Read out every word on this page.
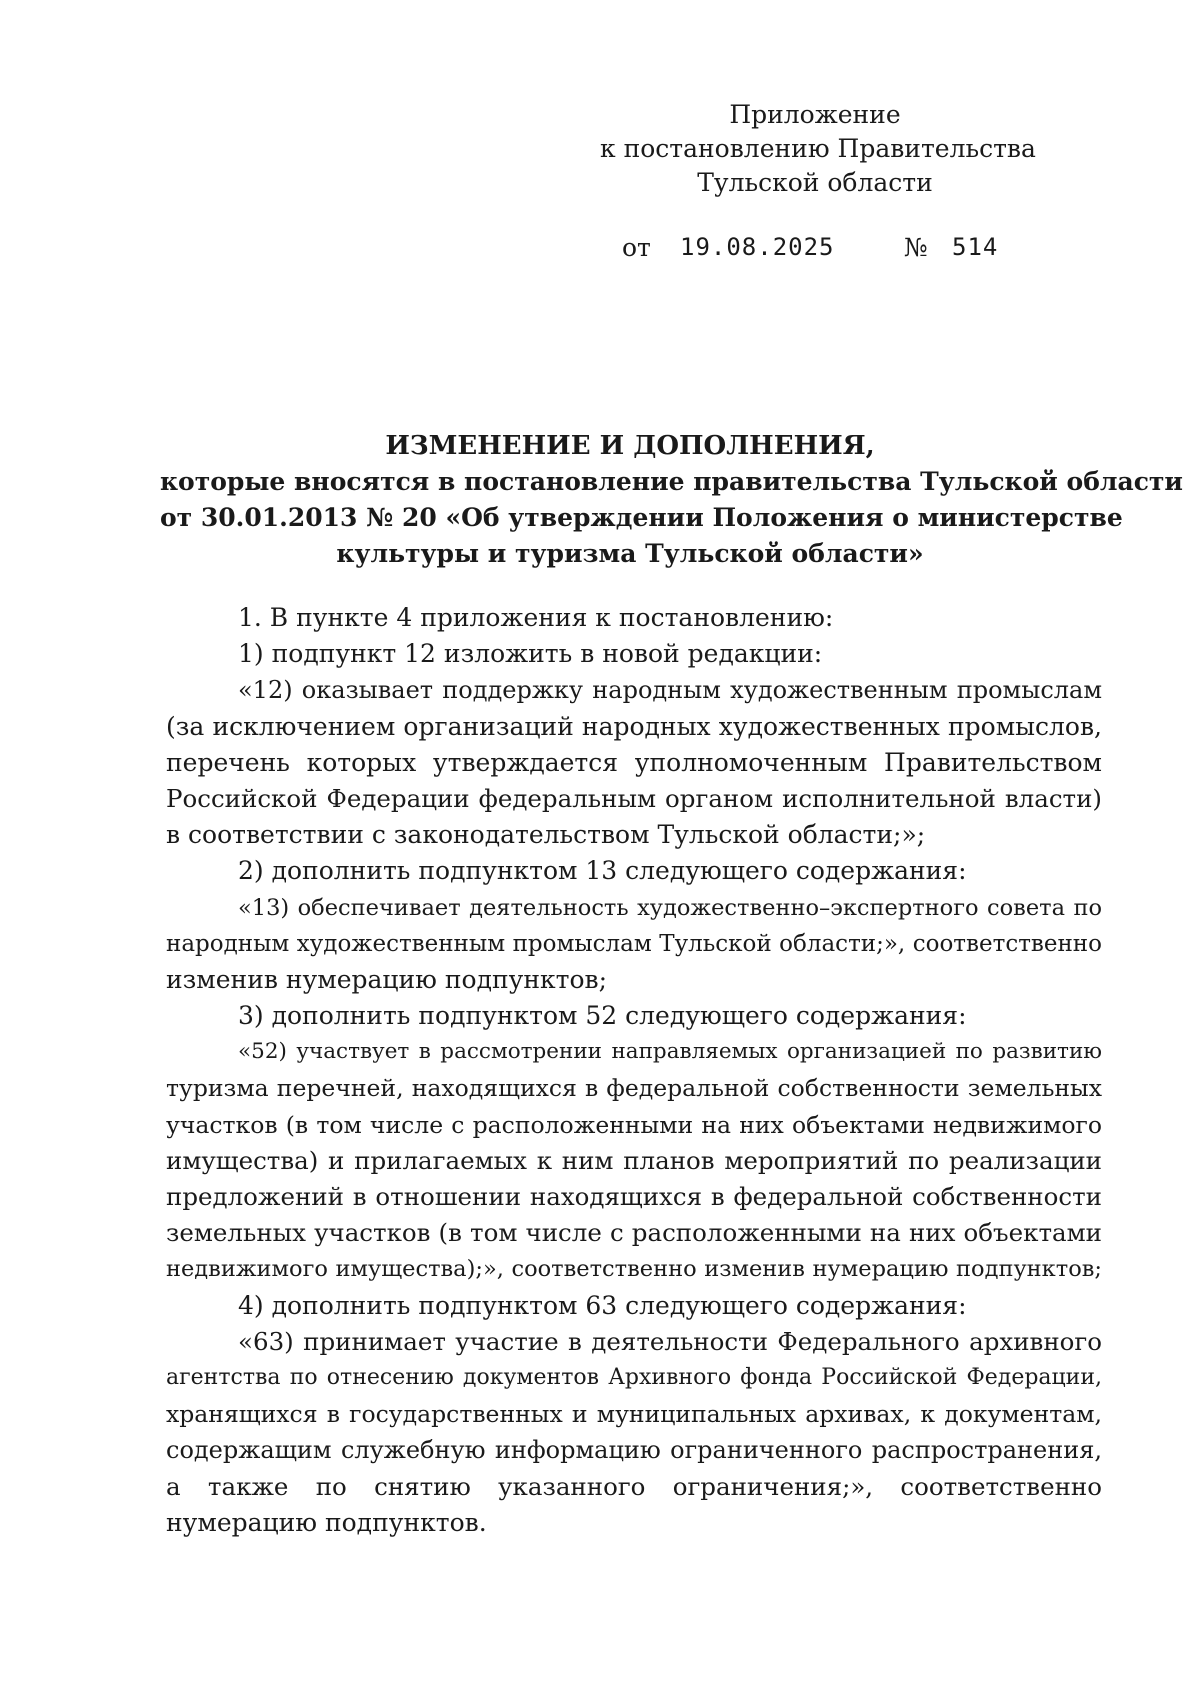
Приложение
к постановлению Правительства
Тульской области
от 19.08.2025	№ 514
ИЗМЕНЕНИЕ И ДОПОЛНЕНИЯ,
которые вносятся в постановление правительства Тульской области
от 30.01.2013 № 20 «Об утверждении Положения о министерстве
культуры и туризма Тульской области»
1. В пункте 4 приложения к постановлению:
1) подпункт 12 изложить в новой редакции:
«12) оказывает поддержку народным художественным промыслам
(за исключением организаций народных художественных промыслов,
перечень которых утверждается уполномоченным Правительством
Российской Федерации федеральным органом исполнительной власти)
в соответствии с законодательством Тульской области;»;
2) дополнить подпунктом 13 следующего содержания:
«13) обеспечивает деятельность художественно–экспертного совета по
народным художественным промыслам Тульской области;», соответственно
изменив нумерацию подпунктов;
3) дополнить подпунктом 52 следующего содержания:
«52) участвует в рассмотрении направляемых организацией по развитию
туризма перечней, находящихся в федеральной собственности земельных
участков (в том числе с расположенными на них объектами недвижимого
имущества) и прилагаемых к ним планов мероприятий по реализации
предложений в отношении находящихся в федеральной собственности
земельных участков (в том числе с расположенными на них объектами
недвижимого имущества);», соответственно изменив нумерацию подпунктов;
4) дополнить подпунктом 63 следующего содержания:
«63) принимает участие в деятельности Федерального архивного
агентства по отнесению документов Архивного фонда Российской Федерации,
хранящихся в государственных и муниципальных архивах, к документам,
содержащим служебную информацию ограниченного распространения,
а также по снятию указанного ограничения;», соответственно
нумерацию подпунктов.
